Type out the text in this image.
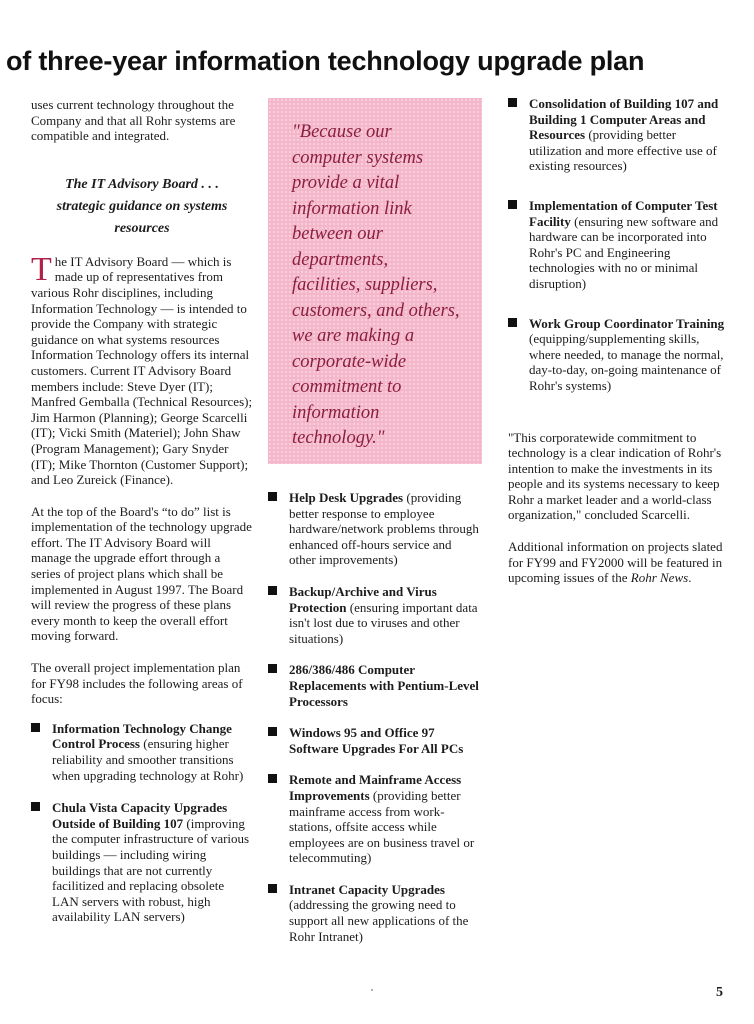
of three-year information technology upgrade plan

uses current technology throughout the Company and that all Rohr systems are compatible and integrated.

The IT Advisory Board . . .
strategic guidance on systems resources

The IT Advisory Board — which is made up of representatives from various Rohr disciplines, including Information Technology — is intended to provide the Company with strategic guidance on what systems resources Information Technology offers its internal customers. Current IT Advisory Board members include: Steve Dyer (IT); Manfred Gemballa (Technical Resources); Jim Harmon (Planning); George Scarcelli (IT); Vicki Smith (Materiel); John Shaw (Program Management); Gary Snyder (IT); Mike Thornton (Customer Support); and Leo Zureick (Finance).

At the top of the Board's “to do” list is implementation of the technology upgrade effort. The IT Advisory Board will manage the upgrade effort through a series of project plans which shall be implemented in August 1997. The Board will review the progress of these plans every month to keep the overall effort moving forward.

The overall project implementation plan for FY98 includes the following areas of focus:

Information Technology Change Control Process (ensuring higher reliability and smoother transitions when upgrading technology at Rohr)
Chula Vista Capacity Upgrades Outside of Building 107 (improving the computer infrastructure of various buildings — including wiring buildings that are not currently facilitized and replacing obsolete LAN servers with robust, high availability LAN servers)

"Because our computer systems provide a vital information link between our departments, facilities, suppliers, customers, and others, we are making a corporate-wide commitment to information technology."

Help Desk Upgrades (providing better response to employee hardware/network problems through enhanced off-hours service and other improvements)
Backup/Archive and Virus Protection (ensuring important data isn't lost due to viruses and other situations)
286/386/486 Computer Replacements with Pentium-Level Processors
Windows 95 and Office 97 Software Upgrades For All PCs
Remote and Mainframe Access Improvements (providing better mainframe access from workstations, offsite access while employees are on business travel or telecommuting)
Intranet Capacity Upgrades (addressing the growing need to support all new applications of the Rohr Intranet)
Consolidation of Building 107 and Building 1 Computer Areas and Resources (providing better utilization and more effective use of existing resources)
Implementation of Computer Test Facility (ensuring new software and hardware can be incorporated into Rohr's PC and Engineering technologies with no or minimal disruption)
Work Group Coordinator Training (equipping/supplementing skills, where needed, to manage the normal, day-to-day, on-going maintenance of Rohr's systems)

"This corporatewide commitment to technology is a clear indication of Rohr's intention to make the investments in its people and its systems necessary to keep Rohr a market leader and a world-class organization," concluded Scarcelli.

Additional information on projects slated for FY99 and FY2000 will be featured in upcoming issues of the Rohr News.

5
